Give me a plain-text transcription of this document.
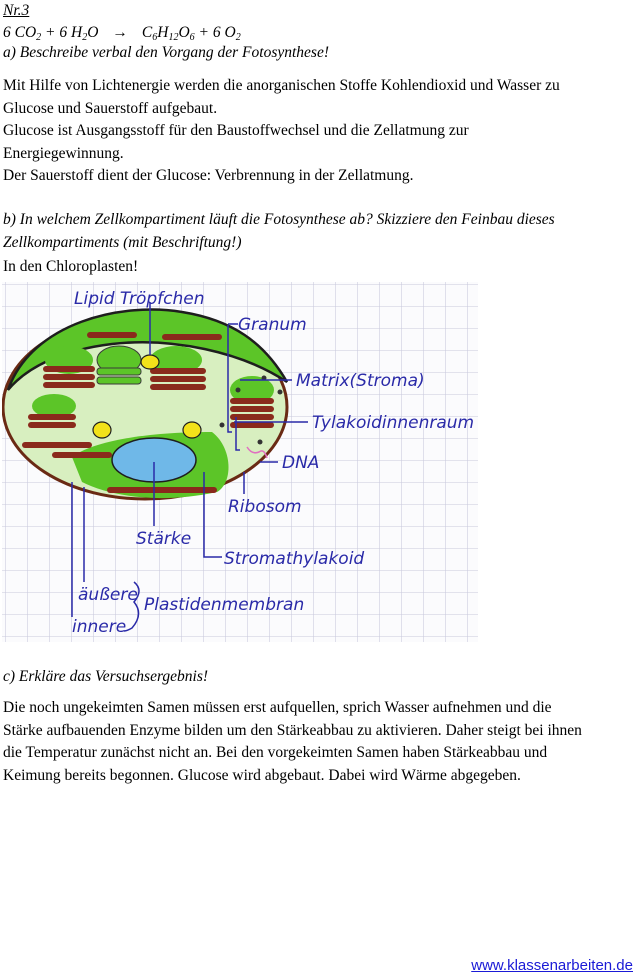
Nr.3
6 $CO_2 + 6$ $H_2O \to C_6H_{12}O_6 + 6$ $O_2$
a) Beschreibe verbal den Vorgang der Fotosynthese!
Mit Hilfe von Lichtenergie werden die anorganischen Stoffe Kohlendioxid und Wasser zu
Glucose und Sauerstoff aufgebaut.
Glucose ist Ausgangsstoff für den Baustoffwechsel und die Zellatmung zur
Energiegewinnung.
Der Sauerstoff dient der Glucose: Verbrennung in der Zellatmung.
b) In welchem Zellkompartiment läuft die Fotosynthese ab? Skizziere den Feinbau dieses Zellkompartiments (mit Beschriftung!)
In den Chloroplasten!
Lipid Tröpfchen
Granum
Matrix(Stroma)
Tylakoidinnenraum
DNA
Ribosom
Stärke
Stromathylakoid
äußere
innere
Plastidenmembran
c) Erkläre das Versuchsergebnis!
Die noch ungekeimten Samen müssen erst aufquellen, sprich Wasser aufnehmen und die
Stärke aufbauenden Enzyme bilden um den Stärkeabbau zu aktivieren. Daher steigt bei ihnen
die Temperatur zunächst nicht an. Bei den vorgekeimten Samen haben Stärkeabbau und
Keimung bereits begonnen. Glucose wird abgebaut. Dabei wird Wärme abgegeben.
www.klassenarbeiten.de
